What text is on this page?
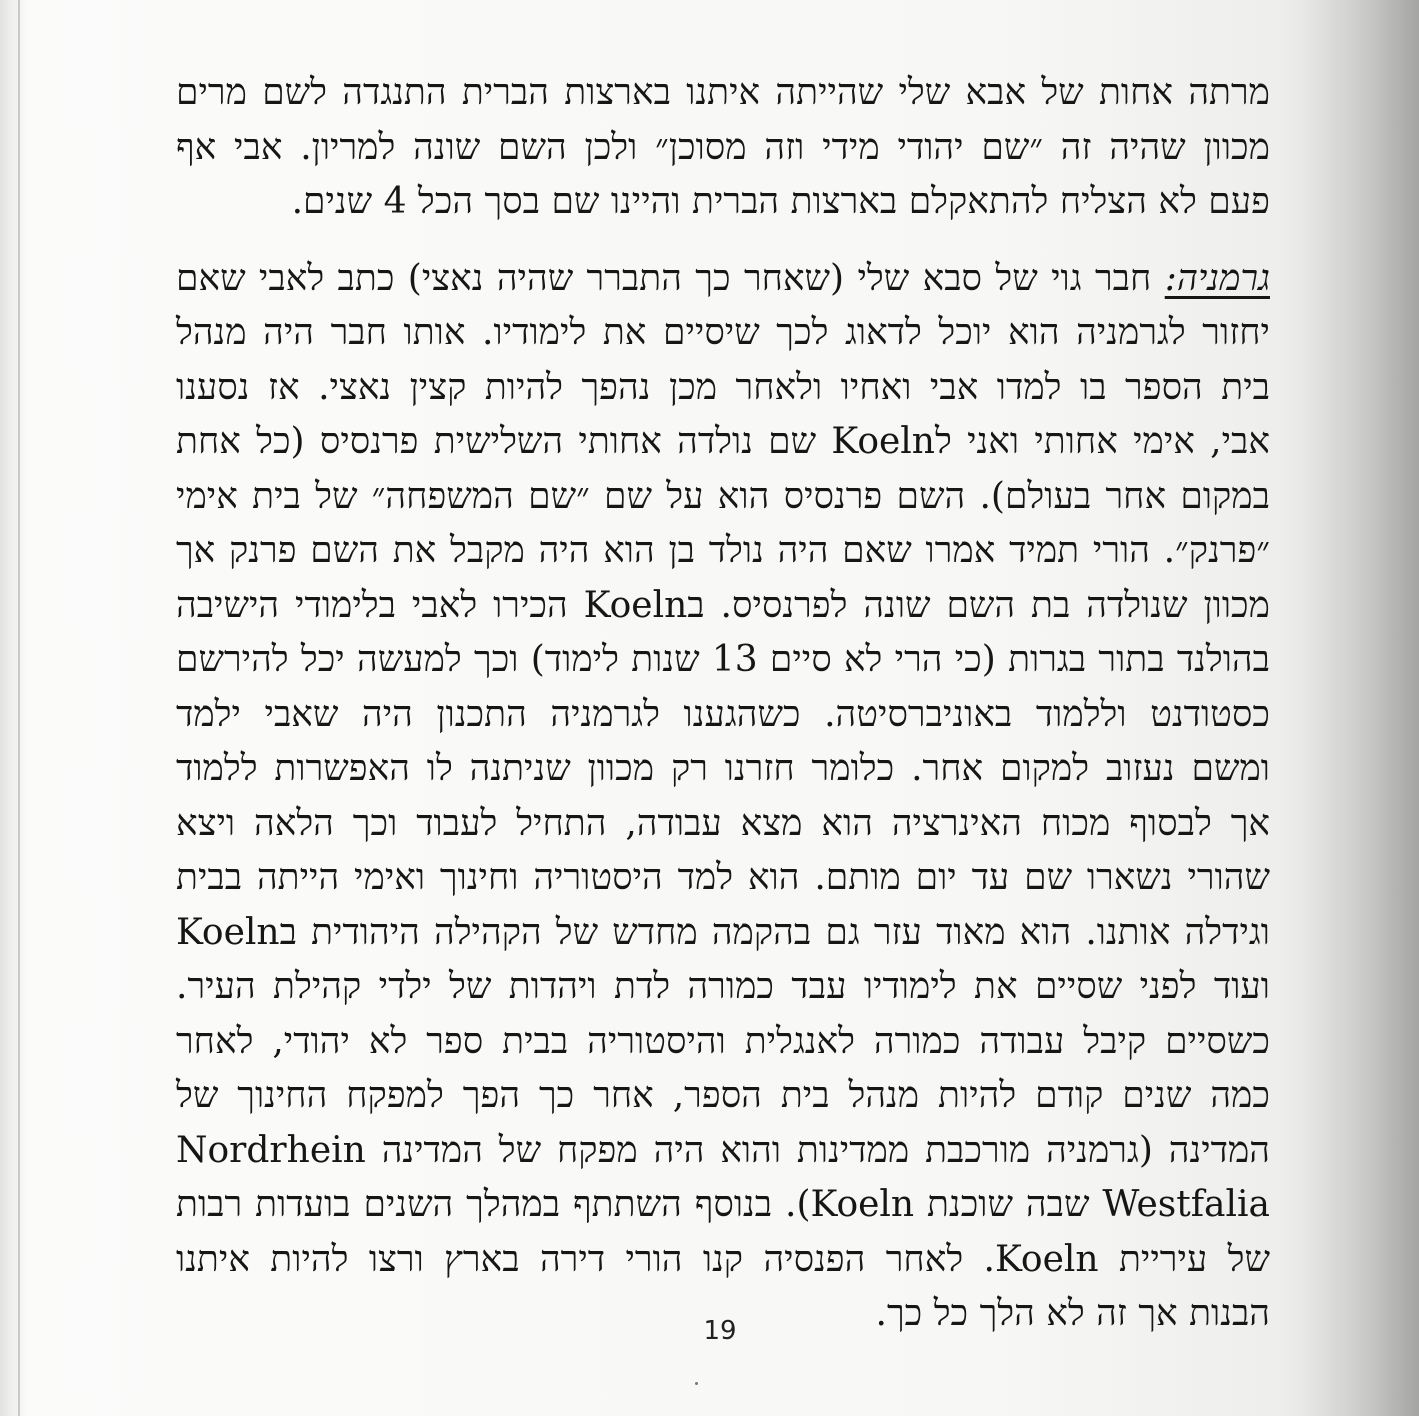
מרתה אחות של אבא שלי שהייתה איתנו בארצות הברית התנגדה לשם מרים
מכוון שהיה זה ״שם יהודי מידי וזה מסוכן״ ולכן השם שונה למריון. אבי אף
פעם לא הצליח להתאקלם בארצות הברית והיינו שם בסך הכל 4 שנים.
גרמניה: חבר גוי של סבא שלי (שאחר כך התברר שהיה נאצי) כתב לאבי שאם
יחזור לגרמניה הוא יוכל לדאוג לכך שיסיים את לימודיו. אותו חבר היה מנהל
בית הספר בו למדו אבי ואחיו ולאחר מכן נהפך להיות קצין נאצי. אז נסענו
אבי, אימי אחותי ואני לKoeln שם נולדה אחותי השלישית פרנסיס (כל אחת
במקום אחר בעולם). השם פרנסיס הוא על שם ״שם המשפחה״ של בית אימי
״פרנק״. הורי תמיד אמרו שאם היה נולד בן הוא היה מקבל את השם פרנק אך
מכוון שנולדה בת השם שונה לפרנסיס. בKoeln הכירו לאבי בלימודי הישיבה
בהולנד בתור בגרות (כי הרי לא סיים 13 שנות לימוד) וכך למעשה יכל להירשם
כסטודנט וללמוד באוניברסיטה. כשהגענו לגרמניה התכנון היה שאבי ילמד
ומשם נעזוב למקום אחר. כלומר חזרנו רק מכוון שניתנה לו האפשרות ללמוד
אך לבסוף מכוח האינרציה הוא מצא עבודה, התחיל לעבוד וכך הלאה ויצא
שהורי נשארו שם עד יום מותם. הוא למד היסטוריה וחינוך ואימי הייתה בבית
וגידלה אותנו. הוא מאוד עזר גם בהקמה מחדש של הקהילה היהודית בKoeln
ועוד לפני שסיים את לימודיו עבד כמורה לדת ויהדות של ילדי קהילת העיר.
כשסיים קיבל עבודה כמורה לאנגלית והיסטוריה בבית ספר לא יהודי, לאחר
כמה שנים קודם להיות מנהל בית הספר, אחר כך הפך למפקח החינוך של
המדינה (גרמניה מורכבת ממדינות והוא היה מפקח של המדינה Nordrhein
Westfalia שבה שוכנת Koeln). בנוסף השתתף במהלך השנים בועדות רבות
של עיריית Koeln. לאחר הפנסיה קנו הורי דירה בארץ ורצו להיות איתנו
הבנות אך זה לא הלך כל כך.
19
